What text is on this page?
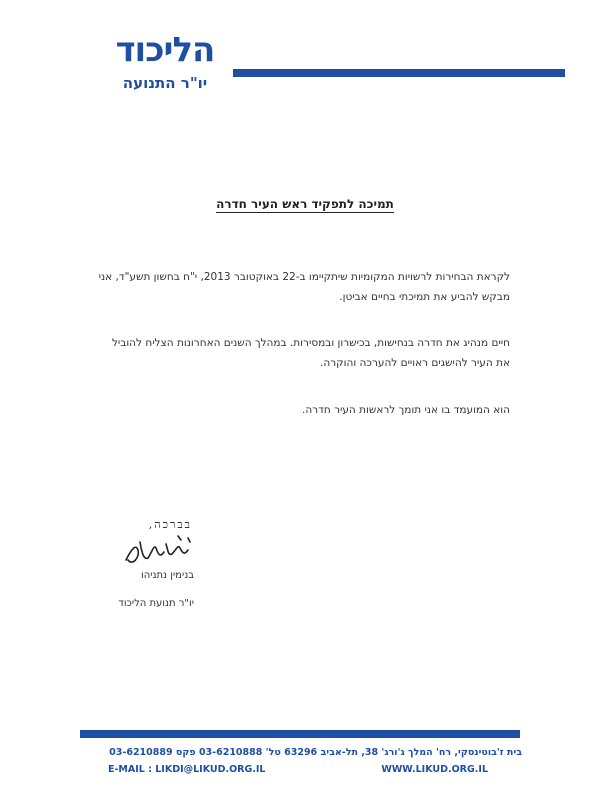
הליכוד
יו"ר התנועה
תמיכה לתפקיד ראש העיר חדרה
לקראת הבחירות לרשויות המקומיות שיתקיימו ב-22 באוקטובר 2013, י"ח בחשון תשע"ד, אני מבקש להביע את תמיכתי בחיים אביטן.
חיים מנהיג את חדרה בנחישות, בכישרון ובמסירות. במהלך השנים האחרונות הצליח להוביל את העיר להישגים ראויים להערכה והוקרה.
הוא המועמד בו אני תומך לראשות העיר חדרה.
בברכה,
בנימין נתניהו
יו"ר תנועת הליכוד
בית ז'בוטינסקי, רח' המלך ג'ורג' 38, תל-אביב 63296 טל' 03-6210888 פקס 03-6210889
E-MAIL : LIKDI@LIKUD.ORG.IL	WWW.LIKUD.ORG.IL
